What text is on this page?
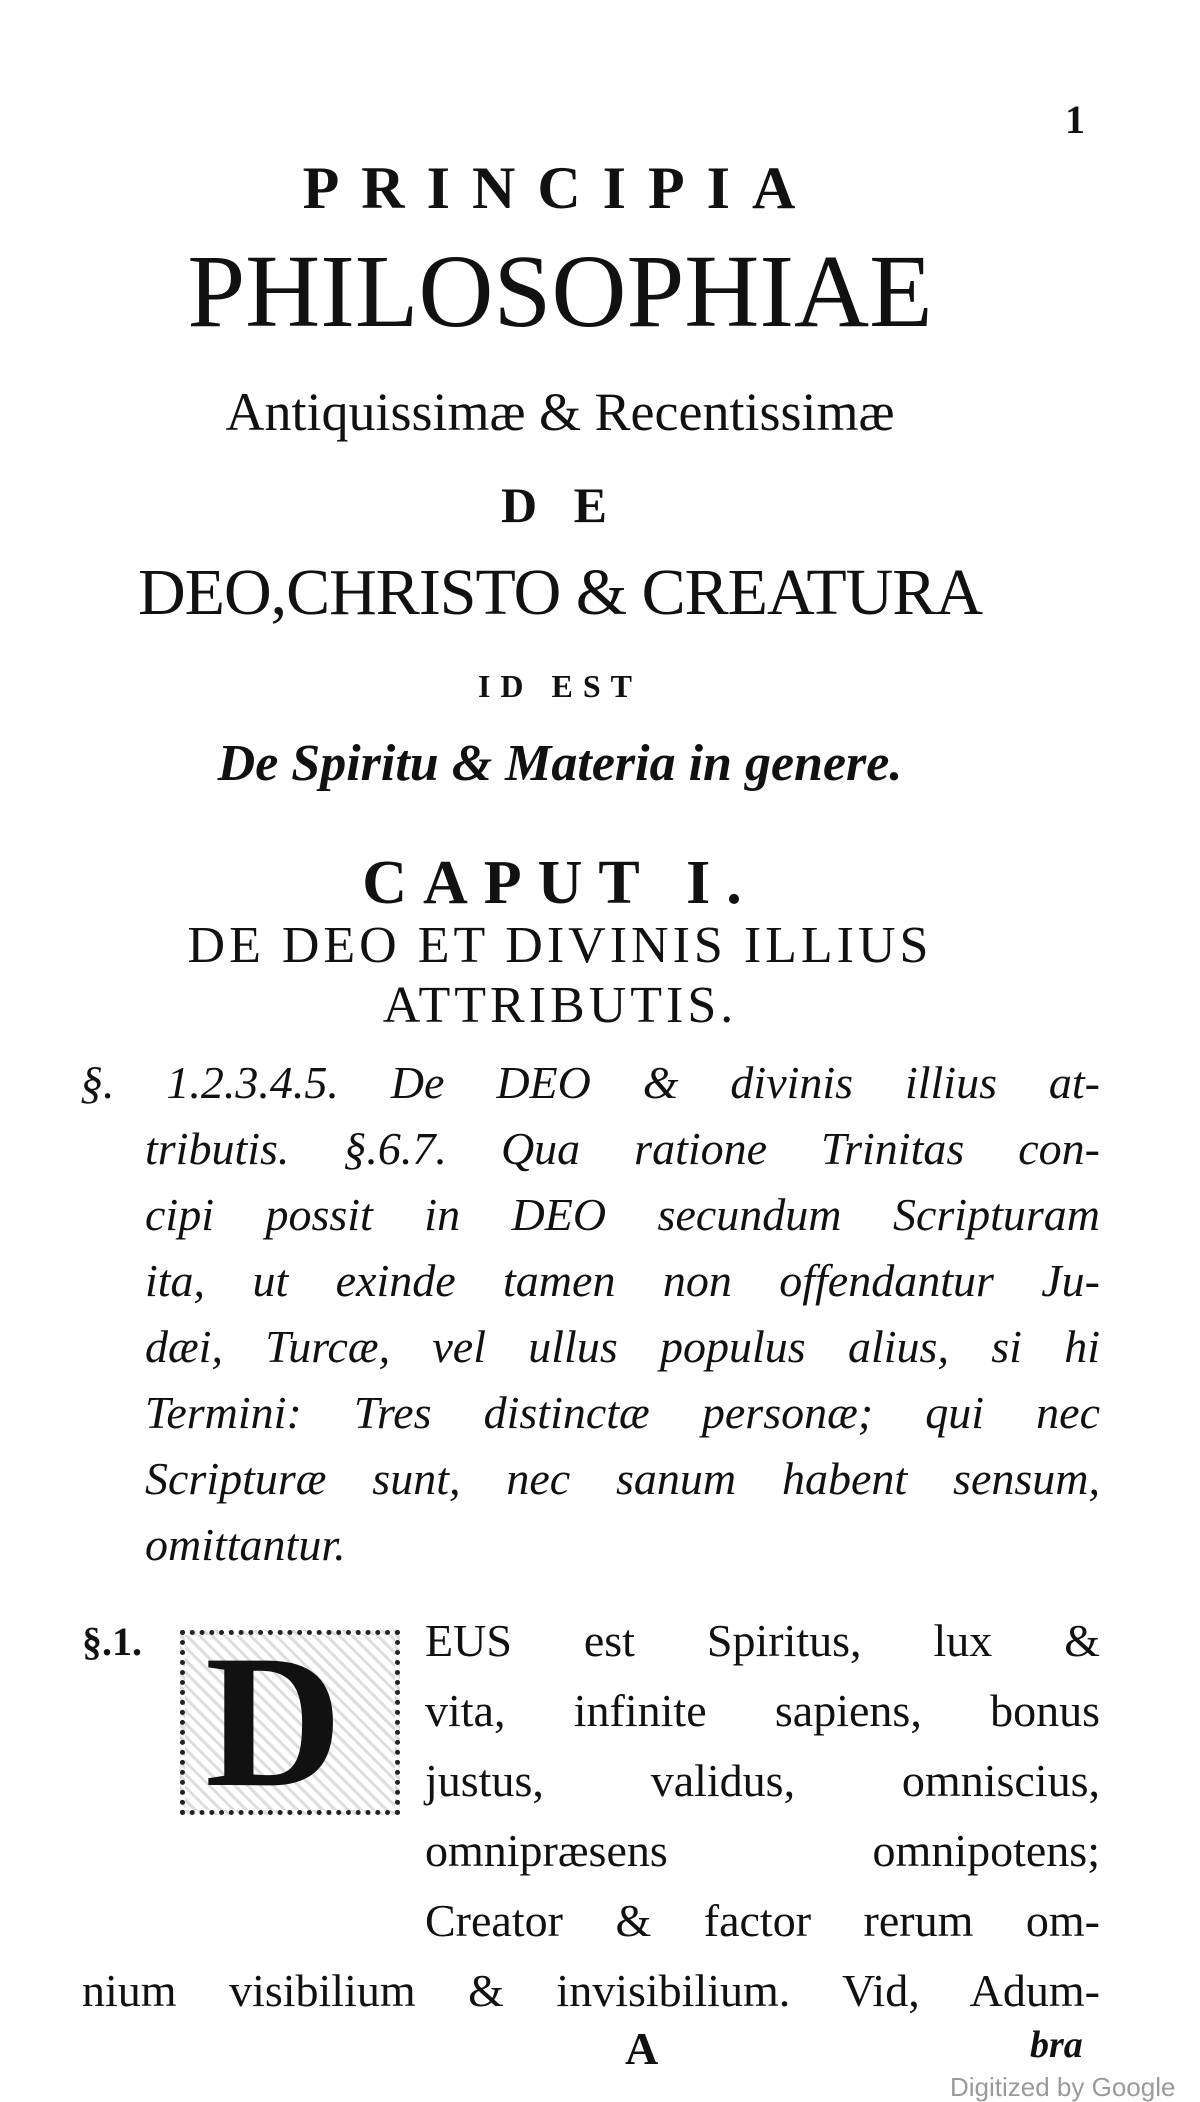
1
PRINCIPIA
PHILOSOPHIAE
Antiquissimæ & Recentissimæ
D E
DEO,CHRISTO & CREATURA
ID EST
De Spiritu & Materia in genere.
CAPUT I.
DE DEO ET DIVINIS ILLIUS
ATTRIBUTIS.
§. 1.2.3.4.5. De DEO & divinis illius at-
tributis. §.6.7. Qua ratione Trinitas con-
cipi possit in DEO secundum Scripturam
ita, ut exinde tamen non offendantur Ju-
dæi, Turcæ, vel ullus populus alius, si hi
Termini: Tres distinctæ personæ; qui nec
Scripturæ sunt, nec sanum habent sensum,
omittantur.
§.1. D EUS est Spiritus, lux &
vita, infinite sapiens, bonus
justus, validus, omniscius,
omnipræsens omnipotens;
Creator & factor rerum om-
nium visibilium & invisibilium. Vid, Adum-
A	bra
Digitized by Google
